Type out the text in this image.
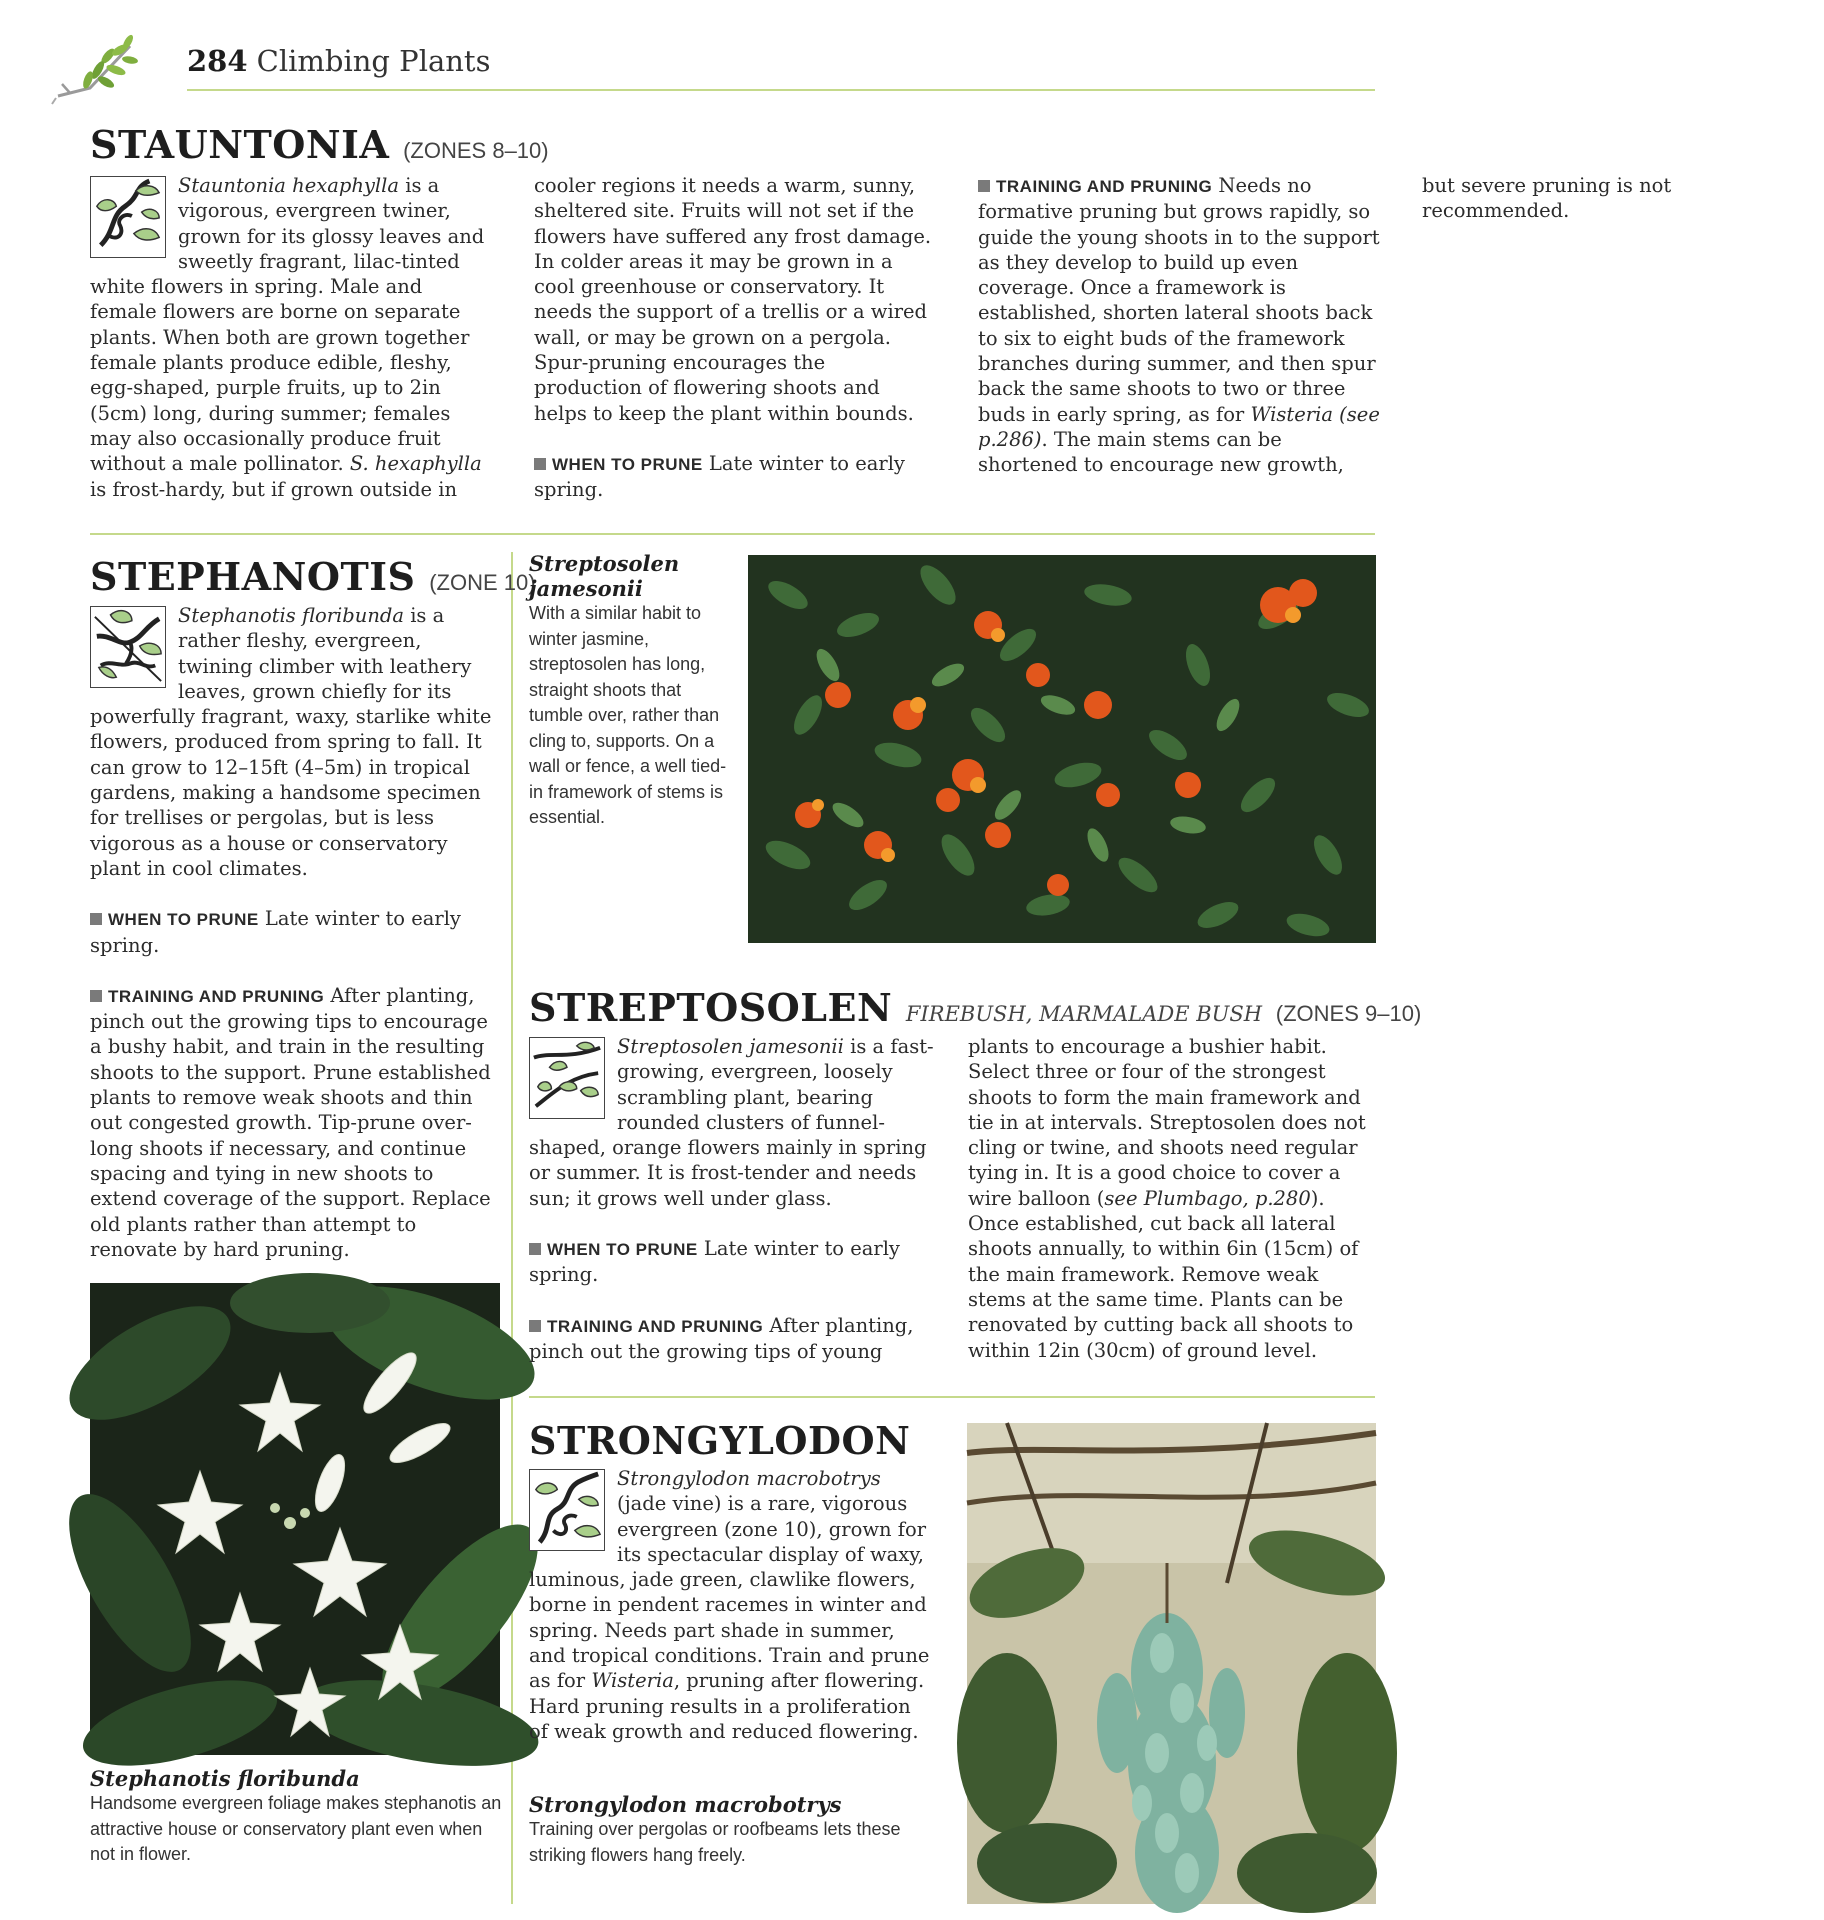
284 Climbing Plants
STAUNTONIA (ZONES 8–10)

Stauntonia hexaphylla is a vigorous, evergreen twiner, grown for its glossy leaves and sweetly fragrant, lilac-tinted white flowers in spring. Male and female flowers are borne on separate plants. When both are grown together female plants produce edible, fleshy, egg-shaped, purple fruits, up to 2in (5cm) long, during summer; females may also occasionally produce fruit without a male pollinator. S. hexaphylla is frost-hardy, but if grown outside in cooler regions it needs a warm, sunny, sheltered site. Fruits will not set if the flowers have suffered any frost damage. In colder areas it may be grown in a cool greenhouse or conservatory. It needs the support of a trellis or a wired wall, or may be grown on a pergola. Spur-pruning encourages the production of flowering shoots and helps to keep the plant within bounds.

WHEN TO PRUNE Late winter to early spring.

TRAINING AND PRUNING Needs no formative pruning but grows rapidly, so guide the young shoots in to the support as they develop to build up even coverage. Once a framework is established, shorten lateral shoots back to six to eight buds of the framework branches during summer, and then spur back the same shoots to two or three buds in early spring, as for Wisteria (see p.286). The main stems can be shortened to encourage new growth, but severe pruning is not recommended.

STEPHANOTIS (ZONE 10)

Stephanotis floribunda is a rather fleshy, evergreen, twining climber with leathery leaves, grown chiefly for its powerfully fragrant, waxy, starlike white flowers, produced from spring to fall. It can grow to 12–15ft (4–5m) in tropical gardens, making a handsome specimen for trellises or pergolas, but is less vigorous as a house or conservatory plant in cool climates.

WHEN TO PRUNE Late winter to early spring.

TRAINING AND PRUNING After planting, pinch out the growing tips to encourage a bushy habit, and train in the resulting shoots to the support. Prune established plants to remove weak shoots and thin out congested growth. Tip-prune over-long shoots if necessary, and continue spacing and tying in new shoots to extend coverage of the support. Replace old plants rather than attempt to renovate by hard pruning.

Stephanotis floribunda
Handsome evergreen foliage makes stephanotis an attractive house or conservatory plant even when not in flower.
Streptosolen jamesonii
With a similar habit to winter jasmine, streptosolen has long, straight shoots that tumble over, rather than cling to, supports. On a wall or fence, a well tied-in framework of stems is essential.
STREPTOSOLEN FIREBUSH, MARMALADE BUSH (ZONES 9–10)

Streptosolen jamesonii is a fast-growing, evergreen, loosely scrambling plant, bearing rounded clusters of funnel-shaped, orange flowers mainly in spring or summer. It is frost-tender and needs sun; it grows well under glass.

WHEN TO PRUNE Late winter to early spring.

TRAINING AND PRUNING After planting, pinch out the growing tips of young plants to encourage a bushier habit. Select three or four of the strongest shoots to form the main framework and tie in at intervals. Streptosolen does not cling or twine, and shoots need regular tying in. It is a good choice to cover a wire balloon (see Plumbago, p.280). Once established, cut back all lateral shoots annually, to within 6in (15cm) of the main framework. Remove weak stems at the same time. Plants can be renovated by cutting back all shoots to within 12in (30cm) of ground level.

STRONGYLODON

Strongylodon macrobotrys (jade vine) is a rare, vigorous evergreen (zone 10), grown for its spectacular display of waxy, luminous, jade green, clawlike flowers, borne in pendent racemes in winter and spring. Needs part shade in summer, and tropical conditions. Train and prune as for Wisteria, pruning after flowering. Hard pruning results in a proliferation of weak growth and reduced flowering.

Strongylodon macrobotrys
Training over pergolas or roofbeams lets these striking flowers hang freely.
